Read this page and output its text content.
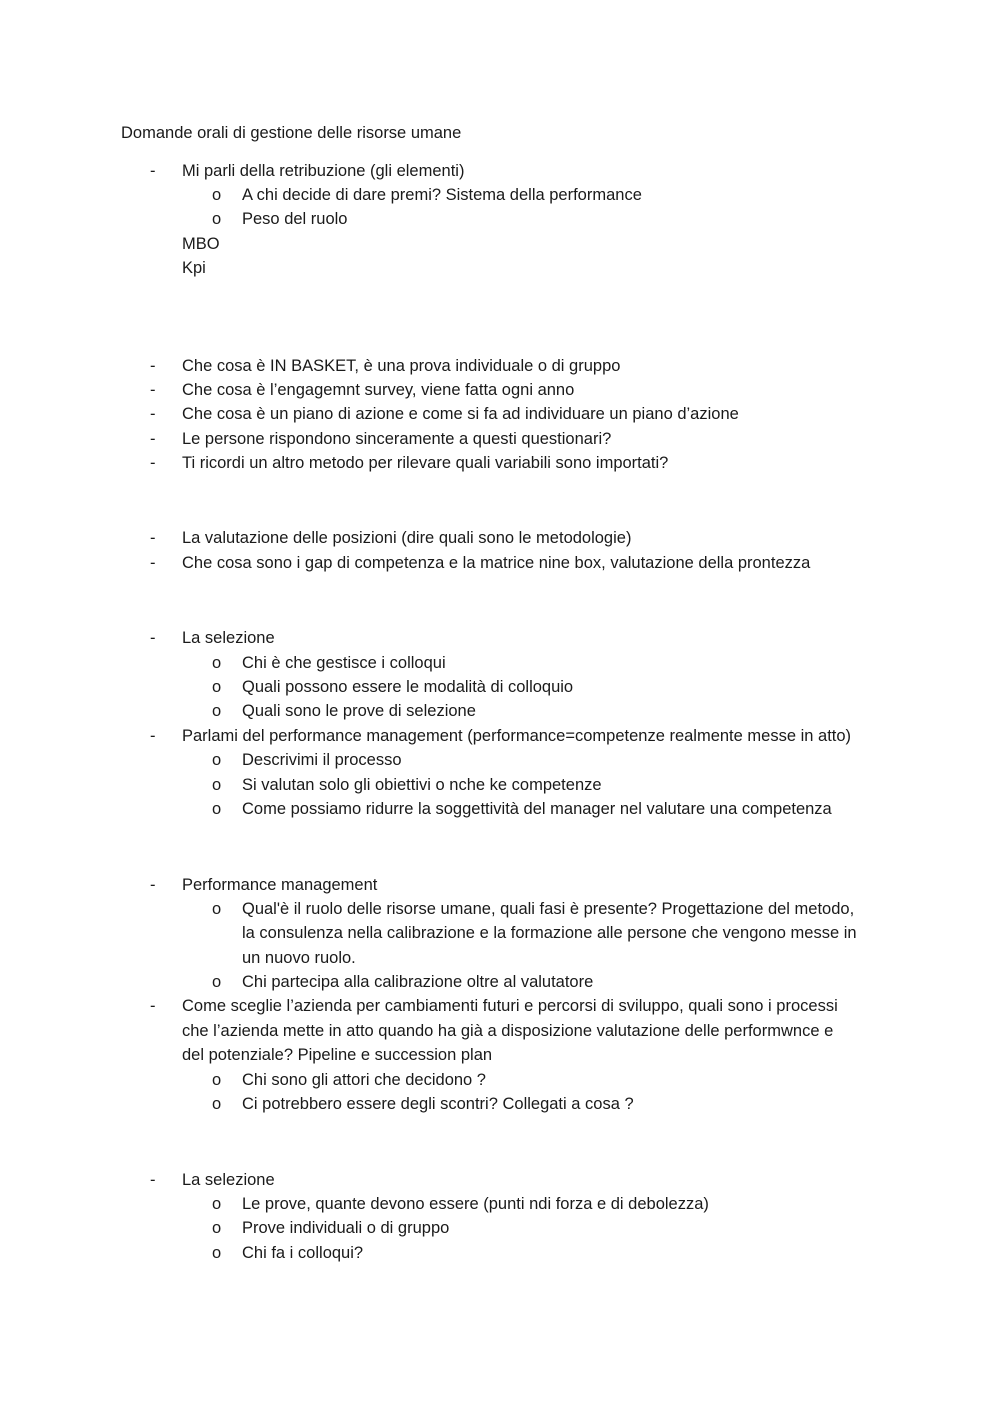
Domande orali di gestione delle risorse umane
-	Mi parli della retribuzione (gli elementi)
o A chi decide di dare premi? Sistema della performance
o Peso del ruolo
MBO
Kpi
-	Che cosa è IN BASKET, è una prova individuale o di gruppo
-	Che cosa è l’engagemnt survey, viene fatta ogni anno
-	Che cosa è un piano di azione e come si fa ad individuare un piano d’azione
-	Le persone rispondono sinceramente a questi questionari?
-	Ti ricordi un altro metodo per rilevare quali variabili sono importati?
-	La valutazione delle posizioni (dire quali sono le metodologie)
-	Che cosa sono i gap di competenza e la matrice nine box, valutazione della prontezza
-	La selezione
o Chi è che gestisce i colloqui
o Quali possono essere le modalità di colloquio
o Quali sono le prove di selezione
-	Parlami del performance management (performance=competenze realmente messe in atto)
o Descrivimi il processo
o Si valutan solo gli obiettivi o nche ke competenze
o Come possiamo ridurre la soggettività del manager nel valutare una competenza
-	Performance management
o Qual'è il ruolo delle risorse umane, quali fasi è presente? Progettazione del metodo,
la consulenza nella calibrazione e la formazione alle persone che vengono messe in
un nuovo ruolo.
o Chi partecipa alla calibrazione oltre al valutatore
-	Come sceglie l’azienda per cambiamenti futuri e percorsi di sviluppo, quali sono i processi
che l’azienda mette in atto quando ha già a disposizione valutazione delle performwnce e
del potenziale? Pipeline e succession plan
o Chi sono gli attori che decidono ?
o Ci potrebbero essere degli scontri? Collegati a cosa ?
-	La selezione
o Le prove, quante devono essere (punti ndi forza e di debolezza)
o Prove individuali o di gruppo
o Chi fa i colloqui?
